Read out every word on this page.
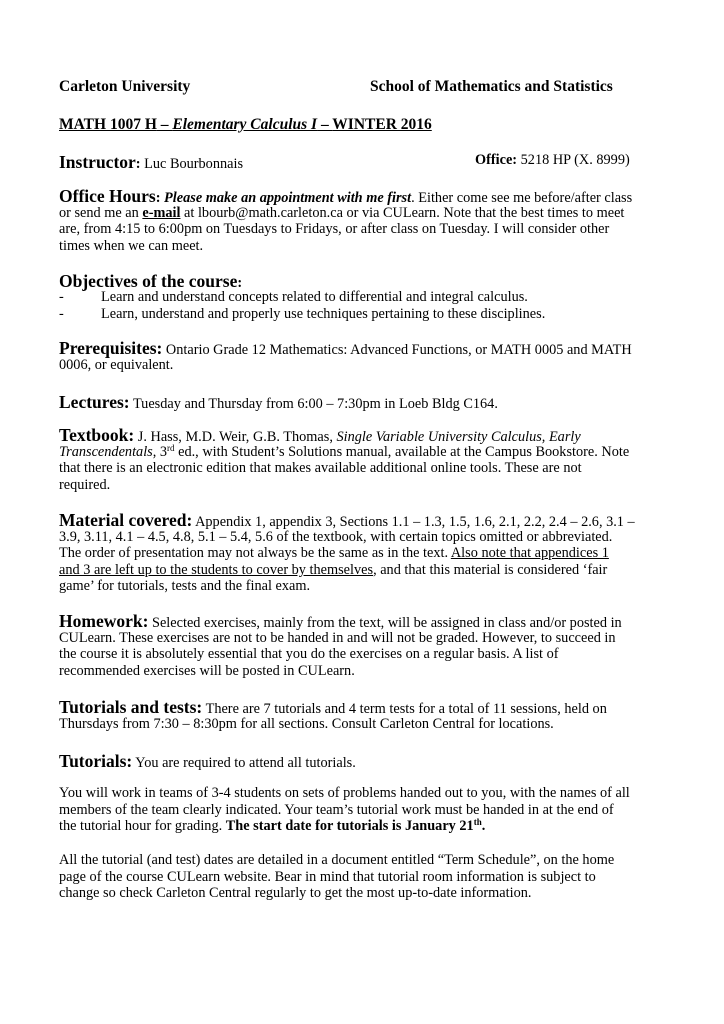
Carleton University	School of Mathematics and Statistics
MATH 1007 H – Elementary Calculus I – WINTER 2016
Instructor: Luc Bourbonnais	Office: 5218 HP (X. 8999)
Office Hours: Please make an appointment with me first. Either come see me before/after class
or send me an e-mail at lbourb@math.carleton.ca or via CULearn. Note that the best times to meet
are, from 4:15 to 6:00pm on Tuesdays to Fridays, or after class on Tuesday. I will consider other
times when we can meet.
Objectives of the course:
-	Learn and understand concepts related to differential and integral calculus.
-	Learn, understand and properly use techniques pertaining to these disciplines.
Prerequisites: Ontario Grade 12 Mathematics: Advanced Functions, or MATH 0005 and MATH
0006, or equivalent.
Lectures: Tuesday and Thursday from 6:00 – 7:30pm in Loeb Bldg C164.
Textbook: J. Hass, M.D. Weir, G.B. Thomas, Single Variable University Calculus, Early
Transcendentals, 3rd ed., with Student’s Solutions manual, available at the Campus Bookstore. Note
that there is an electronic edition that makes available additional online tools. These are not
required.
Material covered: Appendix 1, appendix 3, Sections 1.1 – 1.3, 1.5, 1.6, 2.1, 2.2, 2.4 – 2.6, 3.1 –
3.9, 3.11, 4.1 – 4.5, 4.8, 5.1 – 5.4, 5.6 of the textbook, with certain topics omitted or abbreviated.
The order of presentation may not always be the same as in the text. Also note that appendices 1
and 3 are left up to the students to cover by themselves, and that this material is considered ‘fair
game’ for tutorials, tests and the final exam.
Homework: Selected exercises, mainly from the text, will be assigned in class and/or posted in
CULearn. These exercises are not to be handed in and will not be graded. However, to succeed in
the course it is absolutely essential that you do the exercises on a regular basis. A list of
recommended exercises will be posted in CULearn.
Tutorials and tests: There are 7 tutorials and 4 term tests for a total of 11 sessions, held on
Thursdays from 7:30 – 8:30pm for all sections. Consult Carleton Central for locations.
Tutorials: You are required to attend all tutorials.
You will work in teams of 3-4 students on sets of problems handed out to you, with the names of all
members of the team clearly indicated. Your team’s tutorial work must be handed in at the end of
the tutorial hour for grading. The start date for tutorials is January 21th.
All the tutorial (and test) dates are detailed in a document entitled “Term Schedule”, on the home
page of the course CULearn website. Bear in mind that tutorial room information is subject to
change so check Carleton Central regularly to get the most up-to-date information.
